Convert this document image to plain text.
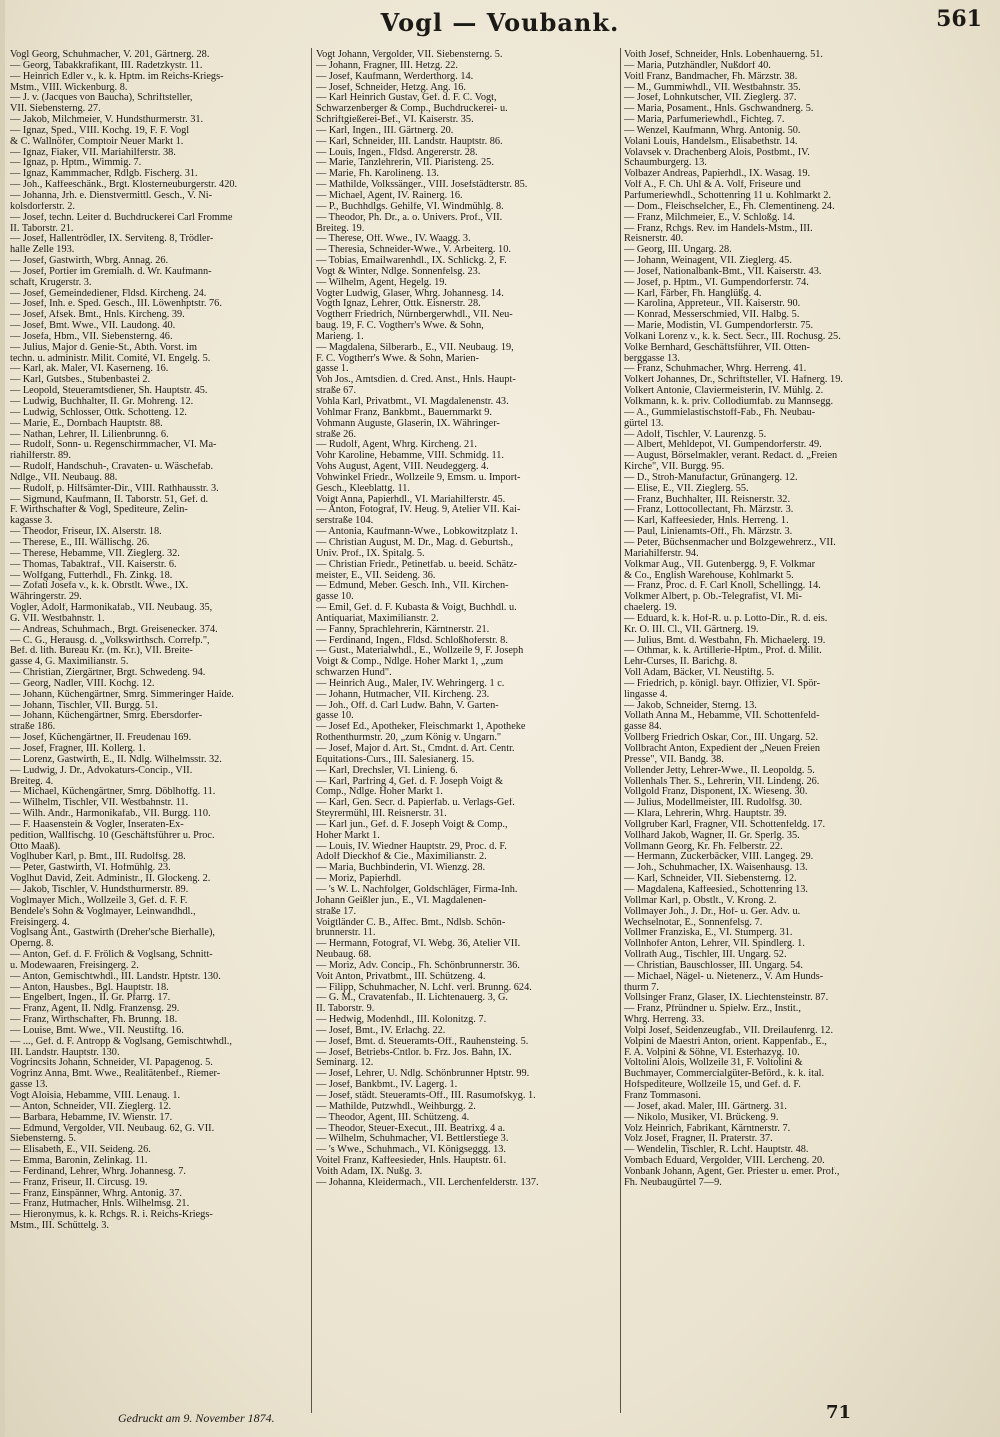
Vogl — Voubank.	561
Vogl Georg, Schuhmacher, V. 201, Gärtnerg. 28.
— Georg, Tabakkrafikant, III. Radetzkystr. 11.
— Heinrich Edler v., k. k. Hptm. im Reichs-Kriegs-
Mstm., VIII. Wickenburg. 8.
— J. v. (Jacques von Baucha), Schriftsteller,
VII. Siebensterng. 27.
— Jakob, Milchmeier, V. Hundsthurmerstr. 31.
— Ignaz, Sped., VIII. Kochg. 19, F. F. Vogl
& C. Wallnöfer, Comptoir Neuer Markt 1.
— Ignaz, Fiaker, VII. Mariahilferstr. 38.
— Ignaz, p. Hptm., Wimmig. 7.
— Ignaz, Kammmacher, Rdlgb. Fischerg. 31.
— Joh., Kaffeeschänk., Brgt. Klosterneuburgerstr. 420.
— Johanna, Jrh. e. Dienstvermittl. Gesch., V. Ni-
kolsdorferstr. 2.
— Josef, techn. Leiter d. Buchdruckerei Carl Fromme
II. Taborstr. 21.
— Josef, Hallentrödler, IX. Serviteng. 8, Trödler-
halle Zelle 193.
— Josef, Gastwirth, Wbrg. Annag. 26.
— Josef, Portier im Gremialh. d. Wr. Kaufmann-
schaft, Krugerstr. 3.
— Josef, Gemeindediener, Fldsd. Kircheng. 24.
— Josef, Inh. e. Sped. Gesch., III. Löwenhptstr. 76.
— Josef, Afsek. Bmt., Hnls. Kircheng. 39.
— Josef, Bmt. Wwe., VII. Laudong. 40.
— Josefa, Hbm., VII. Siebensterng. 46.
— Julius, Major d. Genie-St., Abth. Vorst. im
techn. u. administr. Milit. Comité, VI. Engelg. 5.
— Karl, ak. Maler, VI. Kaserneng. 16.
— Karl, Gutsbes., Stubenbastei 2.
— Leopold, Steueramtsdiener, Sh. Hauptstr. 45.
— Ludwig, Buchhalter, II. Gr. Mohreng. 12.
— Ludwig, Schlosser, Ottk. Schotteng. 12.
— Marie, E., Dornbach Hauptstr. 88.
— Nathan, Lehrer, II. Lilienbrunng. 6.
— Rudolf, Sonn- u. Regenschirmmacher, VI. Ma-
riahilferstr. 89.
— Rudolf, Handschuh-, Cravaten- u. Wäschefab.
Ndlge., VII. Neubaug. 88.
— Rudolf, p. Hilfsämter-Dir., VIII. Rathhausstr. 3.
— Sigmund, Kaufmann, II. Taborstr. 51, Gef. d.
F. Wirthschafter & Vogl, Spediteure, Zelin-
kagasse 3.
— Theodor, Friseur, IX. Alserstr. 18.
— Therese, E., III. Wällischg. 26.
— Therese, Hebamme, VII. Zieglerg. 32.
— Thomas, Tabaktraf., VII. Kaiserstr. 6.
— Wolfgang, Futterhdl., Fh. Zinkg. 18.
— Zofati Josefa v., k. k. Obrstlt. Wwe., IX.
Währingerstr. 29.
Vogler, Adolf, Harmonikafab., VII. Neubaug. 35,
G. VII. Westbahnstr. 1.
— Andreas, Schuhmach., Brgt. Greisenecker. 374.
— C. G., Herausg. d. „Volkswirthsch. Correfp.",
Bef. d. lith. Bureau Kr. (m. Kr.), VII. Breite-
gasse 4, G. Maximilianstr. 5.
— Christian, Ziergärtner, Brgt. Schwedeng. 94.
— Georg, Nadler, VIII. Kochg. 12.
— Johann, Küchengärtner, Smrg. Simmeringer Haide.
— Johann, Tischler, VII. Burgg. 51.
— Johann, Küchengärtner, Smrg. Ebersdorfer-
straße 186.
— Josef, Küchengärtner, II. Freudenau 169.
— Josef, Fragner, III. Kollerg. 1.
— Lorenz, Gastwirth, E., II. Ndlg. Wilhelmsstr. 32.
— Ludwig, J. Dr., Advokaturs-Concip., VII.
Breiteg. 4.
— Michael, Küchengärtner, Smrg. Döblhoffg. 11.
— Wilhelm, Tischler, VII. Westbahnstr. 11.
— Wilh. Andr., Harmonikafab., VII. Burgg. 110.
— F. Haasenstein & Vogler, Inseraten-Ex-
pedition, Wallfischg. 10 (Geschäftsführer u. Proc.
Otto Maaß).
Voglhuber Karl, p. Bmt., III. Rudolfsg. 28.
— Peter, Gastwirth, VI. Hofmühlg. 23.
Voglhut David, Zeit. Administr., II. Glockeng. 2.
— Jakob, Tischler, V. Hundsthurmerstr. 89.
Voglmayer Mich., Wollzeile 3, Gef. d. F. F.
Bendele's Sohn & Voglmayer, Leinwandhdl.,
Freisingerg. 4.
Voglsang Ant., Gastwirth (Dreher'sche Bierhalle),
Operng. 8.
— Anton, Gef. d. F. Frölich & Voglsang, Schnitt-
u. Modewaaren, Freisingerg. 2.
— Anton, Gemischtwhdl., III. Landstr. Hptstr. 130.
— Anton, Hausbes., Bgl. Hauptstr. 18.
— Engelbert, Ingen., II. Gr. Pfarrg. 17.
— Franz, Agent, II. Ndlg. Franzensg. 29.
— Franz, Wirthschafter, Fh. Brunng. 18.
— Louise, Bmt. Wwe., VII. Neustiftg. 16.
— ..., Gef. d. F. Antropp & Voglsang, Gemischtwhdl.,
III. Landstr. Hauptstr. 130.
Vogrincsits Johann, Schneider, VI. Papagenog. 5.
Vogrinz Anna, Bmt. Wwe., Realitätenbef., Riemer-
gasse 13.
Vogt Aloisia, Hebamme, VIII. Lenaug. 1.
— Anton, Schneider, VII. Zieglerg. 12.
— Barbara, Hebamme, IV. Wienstr. 17.
— Edmund, Vergolder, VII. Neubaug. 62, G. VII.
Siebensterng. 5.
— Elisabeth, E., VII. Seideng. 26.
— Emma, Baronin, Zelinkag. 11.
— Ferdinand, Lehrer, Whrg. Johannesg. 7.
— Franz, Friseur, II. Circusg. 19.
— Franz, Einspänner, Whrg. Antonig. 37.
— Franz, Hutmacher, Hnls. Wilhelmsg. 21.
— Hieronymus, k. k. Rchgs. R. i. Reichs-Kriegs-
Mstm., III. Schüttelg. 3.
Vogt Johann, Vergolder, VII. Siebensterng. 5.
— Johann, Fragner, III. Hetzg. 22.
— Josef, Kaufmann, Werderthorg. 14.
— Josef, Schneider, Hetzg. Ang. 16.
— Karl Heinrich Gustav, Gef. d. F. C. Vogt,
Schwarzenberger & Comp., Buchdruckerei- u.
Schriftgießerei-Bef., VI. Kaiserstr. 35.
— Karl, Ingen., III. Gärtnerg. 20.
— Karl, Schneider, III. Landstr. Hauptstr. 86.
— Louis, Ingen., Fldsd. Angererstr. 28.
— Marie, Tanzlehrerin, VII. Piaristeng. 25.
— Marie, Fh. Karolineng. 13.
— Mathilde, Volkssänger., VIII. Josefstädterstr. 85.
— Michael, Agent, IV. Rainerg. 16.
— P., Buchhdlgs. Gehilfe, VI. Windmühlg. 8.
— Theodor, Ph. Dr., a. o. Univers. Prof., VII.
Breiteg. 19.
— Therese, Off. Wwe., IV. Waagg. 3.
— Theresia, Schneider-Wwe., V. Arbeiterg. 10.
— Tobias, Emailwarenhdl., IX. Schlickg. 2, F.
Vogt & Winter, Ndlge. Sonnenfelsg. 23.
— Wilhelm, Agent, Hegelg. 19.
Vogter Ludwig, Glaser, Whrg. Johannesg. 14.
Vogth Ignaz, Lehrer, Ottk. Eisnerstr. 28.
Vogtherr Friedrich, Nürnbergerwhdl., VII. Neu-
baug. 19, F. C. Vogtherr's Wwe. & Sohn,
Marieng. 1.
— Magdalena, Silberarb., E., VII. Neubaug. 19,
F. C. Vogtherr's Wwe. & Sohn, Marien-
gasse 1.
Voh Jos., Amtsdien. d. Cred. Anst., Hnls. Haupt-
straße 67.
Vohla Karl, Privatbmt., VI. Magdalenenstr. 43.
Vohlmar Franz, Bankbmt., Bauernmarkt 9.
Vohmann Auguste, Glaserin, IX. Währinger-
straße 26.
— Rudolf, Agent, Whrg. Kircheng. 21.
Vohr Karoline, Hebamme, VIII. Schmidg. 11.
Vohs August, Agent, VIII. Neudeggerg. 4.
Vohwinkel Friedr., Wollzeile 9, Emsm. u. Import-
Gesch., Kleeblattg. 11.
Voigt Anna, Papierhdl., VI. Mariahilferstr. 45.
— Anton, Fotograf, IV. Heug. 9, Atelier VII. Kai-
serstraße 104.
— Antonia, Kaufmann-Wwe., Lobkowitzplatz 1.
— Christian August, M. Dr., Mag. d. Geburtsh.,
Univ. Prof., IX. Spitalg. 5.
— Christian Friedr., Petinetfab. u. beeid. Schätz-
meister, E., VII. Seideng. 36.
— Edmund, Meber. Gesch. Inh., VII. Kirchen-
gasse 10.
— Emil, Gef. d. F. Kubasta & Voigt, Buchhdl. u.
Antiquariat, Maximilianstr. 2.
— Fanny, Sprachlehrerin, Kärntnerstr. 21.
— Ferdinand, Ingen., Fldsd. Schloßhoferstr. 8.
— Gust., Materialwhdl., E., Wollzeile 9, F. Joseph
Voigt & Comp., Ndlge. Hoher Markt 1, „zum
schwarzen Hund".
— Heinrich Aug., Maler, IV. Wehringerg. 1 c.
— Johann, Hutmacher, VII. Kircheng. 23.
— Joh., Off. d. Carl Ludw. Bahn, V. Garten-
gasse 10.
— Josef Ed., Apotheker, Fleischmarkt 1, Apotheke
Rothenthurmstr. 20, „zum König v. Ungarn."
— Josef, Major d. Art. St., Cmdnt. d. Art. Centr.
Equitations-Curs., III. Salesianerg. 15.
— Karl, Drechsler, VI. Linieng. 6.
— Karl, Parfring 4, Gef. d. F. Joseph Voigt &
Comp., Ndlge. Hoher Markt 1.
— Karl, Gen. Secr. d. Papierfab. u. Verlags-Gef.
Steyrermühl, III. Reisnerstr. 31.
— Karl jun., Gef. d. F. Joseph Voigt & Comp.,
Hoher Markt 1.
— Louis, IV. Wiedner Hauptstr. 29, Proc. d. F.
Adolf Dieckhof & Cie., Maximilianstr. 2.
— Maria, Buchbinderin, VI. Wienzg. 28.
— Moriz, Papierhdl.
— 's W. L. Nachfolger, Goldschläger, Firma-Inh.
Johann Geißler jun., E., VI. Magdalenen-
straße 17.
Voigtländer C. B., Affec. Bmt., Ndlsb. Schön-
brunnerstr. 11.
— Hermann, Fotograf, VI. Webg. 36, Atelier VII.
Neubaug. 68.
— Moriz, Adv. Concip., Fh. Schönbrunnerstr. 36.
Voit Anton, Privatbmt., III. Schützeng. 4.
— Filipp, Schuhmacher, N. Lchf. verl. Brunng. 624.
— G. M., Cravatenfab., II. Lichtenauerg. 3, G.
II. Taborstr. 9.
— Hedwig, Modenhdl., III. Kolonitzg. 7.
— Josef, Bmt., IV. Erlachg. 22.
— Josef, Bmt. d. Steueramts-Off., Rauhensteing. 5.
— Josef, Betriebs-Cntlor. b. Frz. Jos. Bahn, IX.
Seminarg. 12.
— Josef, Lehrer, U. Ndlg. Schönbrunner Hptstr. 99.
— Josef, Bankbmt., IV. Lagerg. 1.
— Josef, städt. Steueramts-Off., III. Rasumofskyg. 1.
— Mathilde, Putzwhdl., Weihburgg. 2.
— Theodor, Agent, III. Schützeng. 4.
— Theodor, Steuer-Execut., III. Beatrixg. 4 a.
— Wilhelm, Schuhmacher, VI. Bettlerstiege 3.
— 's Wwe., Schuhmach., VI. Königseggg. 13.
Voitel Franz, Kaffeesieder, Hnls. Hauptstr. 61.
Voith Adam, IX. Nußg. 3.
— Johanna, Kleidermach., VII. Lerchenfelderstr. 137.
Voith Josef, Schneider, Hnls. Lobenhauerng. 51.
— Maria, Putzhändler, Nußdorf 40.
Voitl Franz, Bandmacher, Fh. Märzstr. 38.
— M., Gummiwhdl., VII. Westbahnstr. 35.
— Josef, Lohnkutscher, VII. Zieglerg. 37.
— Maria, Posament., Hnls. Gschwandnerg. 5.
— Maria, Parfumeriewhdl., Fichteg. 7.
— Wenzel, Kaufmann, Whrg. Antonig. 50.
Volani Louis, Handelsm., Elisabethstr. 14.
Volavsek v. Drachenberg Alois, Postbmt., IV.
Schaumburgerg. 13.
Volbazer Andreas, Papierhdl., IX. Wasag. 19.
Volf A., F. Ch. Uhl & A. Volf, Friseure und
Parfumeriewhdl., Schottenring 11 u. Kohlmarkt 2.
— Dom., Fleischselcher, E., Fh. Clementineng. 24.
— Franz, Milchmeier, E., V. Schloßg. 14.
— Franz, Rchgs. Rev. im Handels-Mstm., III.
Reisnerstr. 40.
— Georg, III. Ungarg. 28.
— Johann, Weinagent, VII. Zieglerg. 45.
— Josef, Nationalbank-Bmt., VII. Kaiserstr. 43.
— Josef, p. Hptm., VI. Gumpendorferstr. 74.
— Karl, Färber, Fh. Hanglüßg. 4.
— Karolina, Appreteur., VII. Kaiserstr. 90.
— Konrad, Messerschmied, VII. Halbg. 5.
— Marie, Modistin, VI. Gumpendorferstr. 75.
Volkani Lorenz v., k. k. Sect. Secr., III. Rochusg. 25.
Volke Bernhard, Geschäftsführer, VII. Otten-
berggasse 13.
— Franz, Schuhmacher, Whrg. Herreng. 41.
Volkert Johannes, Dr., Schriftsteller, VI. Hafnerg. 19.
Volkert Antonie, Claviermeisterin, IV. Mühlg. 2.
Volkmann, k. k. priv. Collodiumfab. zu Mannsegg.
— A., Gummielastischstoff-Fab., Fh. Neubau-
gürtel 13.
— Adolf, Tischler, V. Laurenzg. 5.
— Albert, Mehldepot, VI. Gumpendorferstr. 49.
— August, Börselmakler, verant. Redact. d. „Freien
Kirche", VII. Burgg. 95.
— D., Stroh-Manufactur, Grünangerg. 12.
— Elise, E., VII. Zieglerg. 55.
— Franz, Buchhalter, III. Reisnerstr. 32.
— Franz, Lottocollectant, Fh. Märzstr. 3.
— Karl, Kaffeesieder, Hnls. Herreng. 1.
— Paul, Linienamts-Off., Fh. Märzstr. 3.
— Peter, Büchsenmacher und Bolzgewehrerz., VII.
Mariahilferstr. 94.
Volkmar Aug., VII. Gutenbergg. 9, F. Volkmar
& Co., English Warehouse, Kohlmarkt 5.
— Franz, Proc. d. F. Carl Knoll, Schellingg. 14.
Volkmer Albert, p. Ob.-Telegrafist, VI. Mi-
chaelerg. 19.
— Eduard, k. k. Hof-R. u. p. Lotto-Dir., R. d. eis.
Kr. O. III. Cl., VII. Gärtnerg. 19.
— Julius, Bmt. d. Westbahn, Fh. Michaelerg. 19.
— Othmar, k. k. Artillerie-Hptm., Prof. d. Milit.
Lehr-Curses, II. Barichg. 8.
Voll Adam, Bäcker, VI. Neustiftg. 5.
— Friedrich, p. königl. bayr. Offizier, VI. Spör-
lingasse 4.
— Jakob, Schneider, Sterng. 13.
Vollath Anna M., Hebamme, VII. Schottenfeld-
gasse 84.
Vollberg Friedrich Oskar, Cor., III. Ungarg. 52.
Vollbracht Anton, Expedient der „Neuen Freien
Presse", VII. Bandg. 38.
Vollender Jetty, Lehrer-Wwe., II. Leopoldg. 5.
Vollenhals Ther. S., Lehrerin, VII. Lindeng. 26.
Vollgold Franz, Disponent, IX. Wieseng. 30.
— Julius, Modellmeister, III. Rudolfsg. 30.
— Klara, Lehrerin, Whrg. Hauptstr. 39.
Vollgruber Karl, Fragner, VII. Schottenfeldg. 17.
Vollhard Jakob, Wagner, II. Gr. Sperlg. 35.
Vollmann Georg, Kr. Fh. Felberstr. 22.
— Hermann, Zuckerbäcker, VIII. Langeg. 29.
— Joh., Schuhmacher, IX. Waisenhausg. 13.
— Karl, Schneider, VII. Siebensterng. 12.
— Magdalena, Kaffeesied., Schottenring 13.
Vollmar Karl, p. Obstlt., V. Krong. 2.
Vollmayer Joh., J. Dr., Hof- u. Ger. Adv. u.
Wechselnotar, E., Sonnenfelsg. 7.
Vollmer Franziska, E., VI. Stumperg. 31.
Vollnhofer Anton, Lehrer, VII. Spindlerg. 1.
Vollrath Aug., Tischler, III. Ungarg. 52.
— Christian, Bauschlosser, III. Ungarg. 54.
— Michael, Nägel- u. Nietenerz., V. Am Hunds-
thurm 7.
Vollsinger Franz, Glaser, IX. Liechtensteinstr. 87.
— Franz, Pfründner u. Spielw. Erz., Instit.,
Whrg. Herreng. 33.
Volpi Josef, Seidenzeugfab., VII. Dreilaufenrg. 12.
Volpini de Maestri Anton, orient. Kappenfab., E.,
F. A. Volpini & Söhne, VI. Esterhazyg. 10.
Voltolini Alois, Wollzeile 31, F. Voltolini &
Buchmayer, Commercialgüter-Beförd., k. k. ital.
Hofspediteure, Wollzeile 15, und Gef. d. F.
Franz Tommasoni.
— Josef, akad. Maler, III. Gärtnerg. 31.
— Nikolo, Musiker, VI. Brückeng. 9.
Volz Heinrich, Fabrikant, Kärntnerstr. 7.
Volz Josef, Fragner, II. Praterstr. 37.
— Wendelin, Tischler, R. Lchf. Hauptstr. 48.
Vombach Eduard, Vergolder, VIII. Lercheng. 20.
Vonbank Johann, Agent, Ger. Priester u. emer. Prof.,
Fh. Neubaugürtel 7—9.
Gedruckt am 9. November 1874.	71
